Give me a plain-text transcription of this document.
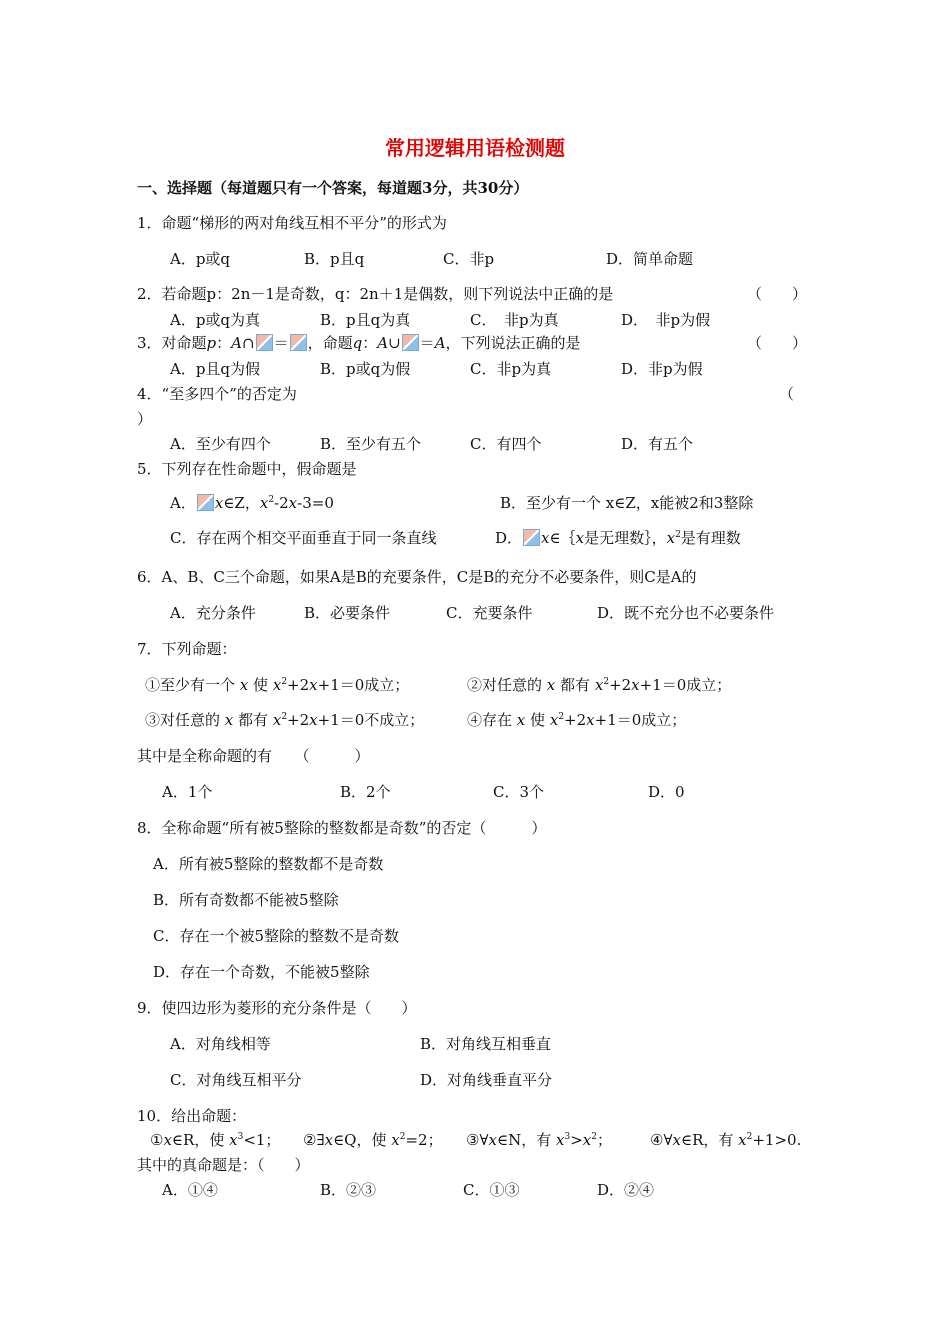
常用逻辑用语检测题
一、选择题（每道题只有一个答案，每道题3分，共30分）
1．命题“梯形的两对角线互相不平分”的形式为
A．p或q	B．p且q	C．非p	D．简单命题
2．若命题p：2n－1是奇数，q：2n＋1是偶数，则下列说法中正确的是	（　　）
A．p或q为真	B．p且q为真	C．　非p为真	D．　非p为假
3．对命题p：A∩ ＝ ，命题q：A∪ ＝A，下列说法正确的是	（　　）
A．p且q为假	B．p或q为假	C．非p为真	D．非p为假
4．“至多四个”的否定为	（
）
A．至少有四个	B．至少有五个	C．有四个	D．有五个
5．下列存在性命题中，假命题是
A． x∈Z，$x^2-2x-3=0$	B．至少有一个 x∈Z，x能被2和3整除
C．存在两个相交平面垂直于同一条直线	D． x∈｛x是无理数｝，$x^2$是有理数
6．A、B、C三个命题，如果A是B的充要条件，C是B的充分不必要条件，则C是A的
A．充分条件	B．必要条件	C．充要条件	D．既不充分也不必要条件
7．下列命题：
①至少有一个 x 使 $x^2+2x+1=0$成立；	②对任意的 x 都有 $x^2+2x+1=0$成立；
③对任意的 x 都有 $x^2+2x+1=0$不成立；	④存在 x 使 $x^2+2x+1=0$成立；
其中是全称命题的有　　（　　　）
A．1个	B．2个	C．3个	D．0
8．全称命题“所有被5整除的整数都是奇数”的否定（　　　）
A．所有被5整除的整数都不是奇数
B．所有奇数都不能被5整除
C．存在一个被5整除的整数不是奇数
D．存在一个奇数，不能被5整除
9．使四边形为菱形的充分条件是（　　）
A．对角线相等	B．对角线互相垂直
C．对角线互相平分	D．对角线垂直平分
10．给出命题：
①x∈R，使 $x^3<1$； ②∃x∈Q，使 $x^2=2$； ③∀x∈N，有 $x^3>x^2$；	④∀x∈R，有 $x^2+1>0$.
其中的真命题是：（　　）
A．①④	B．②③	C．①③	D．②④
